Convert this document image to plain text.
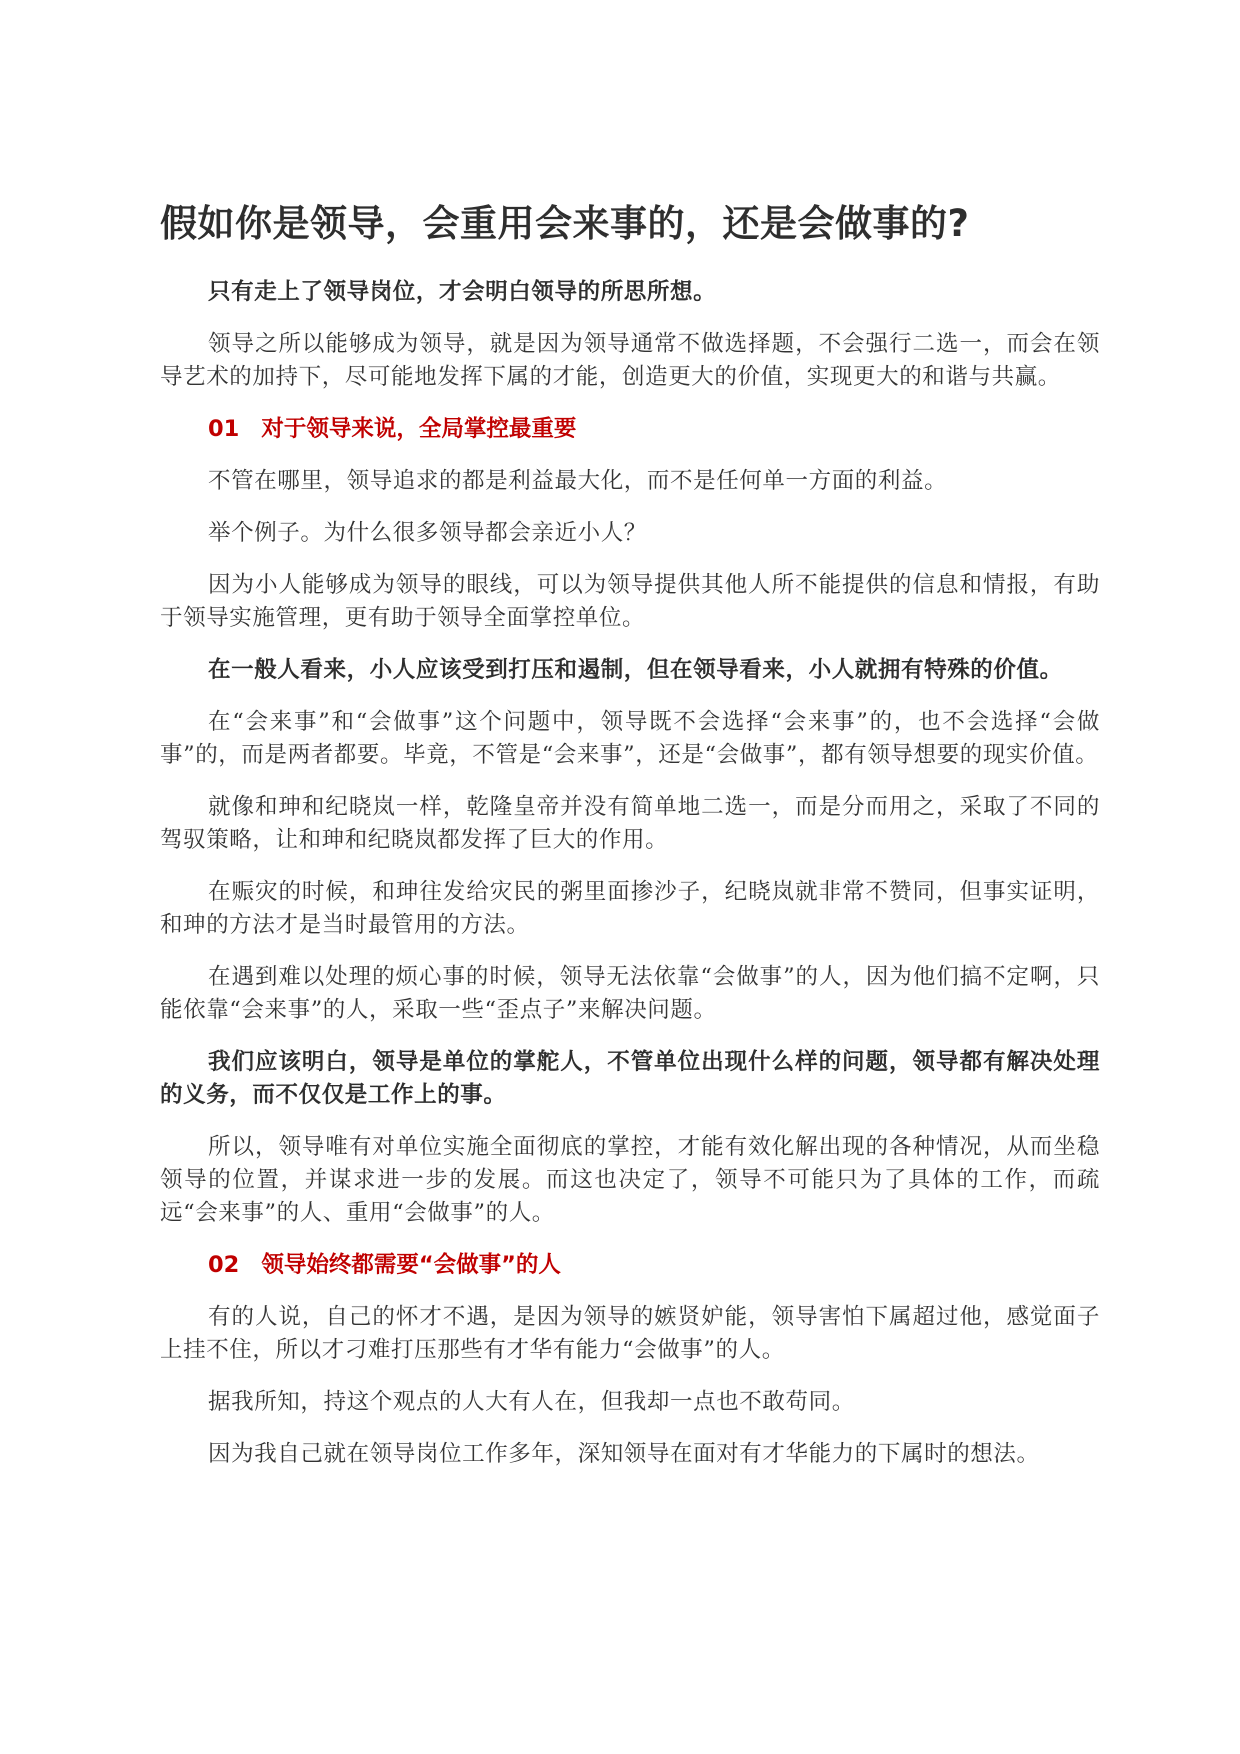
假如你是领导，会重用会来事的，还是会做事的?

只有走上了领导岗位，才会明白领导的所思所想。

领导之所以能够成为领导，就是因为领导通常不做选择题，不会强行二选一，而会在领导艺术的加持下，尽可能地发挥下属的才能，创造更大的价值，实现更大的和谐与共赢。

01 对于领导来说，全局掌控最重要

不管在哪里，领导追求的都是利益最大化，而不是任何单一方面的利益。

举个例子。为什么很多领导都会亲近小人？

因为小人能够成为领导的眼线，可以为领导提供其他人所不能提供的信息和情报，有助于领导实施管理，更有助于领导全面掌控单位。

在一般人看来，小人应该受到打压和遏制，但在领导看来，小人就拥有特殊的价值。

在“会来事”和“会做事”这个问题中，领导既不会选择“会来事”的，也不会选择“会做事”的，而是两者都要。毕竟，不管是“会来事”，还是“会做事”，都有领导想要的现实价值。

就像和珅和纪晓岚一样，乾隆皇帝并没有简单地二选一，而是分而用之，采取了不同的驾驭策略，让和珅和纪晓岚都发挥了巨大的作用。

在赈灾的时候，和珅往发给灾民的粥里面掺沙子，纪晓岚就非常不赞同，但事实证明，和珅的方法才是当时最管用的方法。

在遇到难以处理的烦心事的时候，领导无法依靠“会做事”的人，因为他们搞不定啊，只能依靠“会来事”的人，采取一些“歪点子”来解决问题。

我们应该明白，领导是单位的掌舵人，不管单位出现什么样的问题，领导都有解决处理的义务，而不仅仅是工作上的事。

所以，领导唯有对单位实施全面彻底的掌控，才能有效化解出现的各种情况，从而坐稳领导的位置，并谋求进一步的发展。而这也决定了，领导不可能只为了具体的工作，而疏远“会来事”的人、重用“会做事”的人。

02 领导始终都需要“会做事”的人

有的人说，自己的怀才不遇，是因为领导的嫉贤妒能，领导害怕下属超过他，感觉面子上挂不住，所以才刁难打压那些有才华有能力“会做事”的人。

据我所知，持这个观点的人大有人在，但我却一点也不敢苟同。

因为我自己就在领导岗位工作多年，深知领导在面对有才华能力的下属时的想法。
